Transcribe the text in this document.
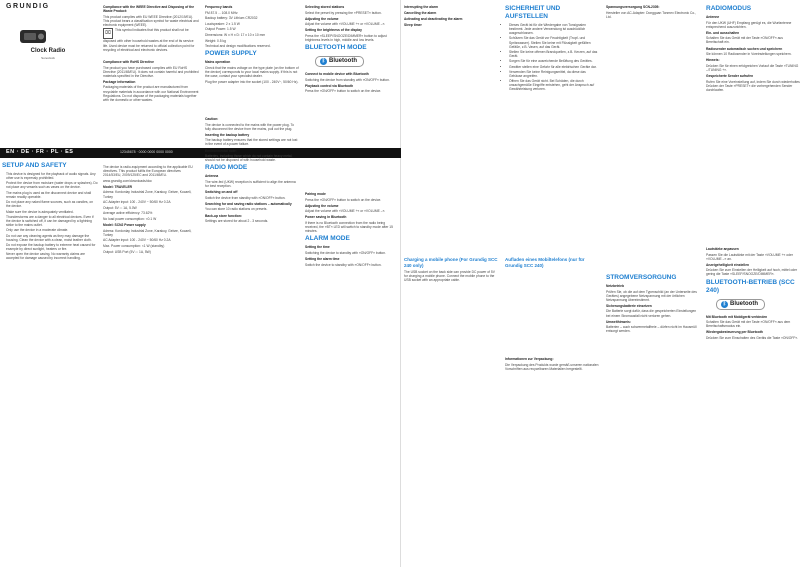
GRUNDIG
Clock Radio
Sonoclock
EN · DE · FR · PL · ES	12345678 · 0000 0000 0000 0000

Compliance with the WEEE Directive and Disposing of the Waste Product:

This product complies with EU WEEE Directive (2012/19/EU). This product bears a classification symbol for waste electrical and electronic equipment (WEEE).

⌧ This symbol indicates that this product shall not be disposed with other household wastes at the end of its service life. Used device must be returned to official collection point for recycling of electrical and electronic devices.

Frequency bands

FM 87.5 ... 108.0 MHz

Backup battery: 3V Lithium CR2032

Loudspeaker: 2 x 1.5 W

Output Power: 1.5 W

Dimensions: W x H x D: 17 x 10 x 10 mm

Weight: 0.5 kg

Technical and design modifications reserved.

POWER SUPPLY

Mains operation

Check that the mains voltage on the type plate (on the bottom of the device) corresponds to your local mains supply. If this is not the case, contact your specialist dealer.

Plug the power adapter into the socket (100 - 240V~, 50/60 Hz).

Selecting stored stations

Select the preset by pressing the »PRESET« button.

Adjusting the volume

Adjust the volume with »VOLUME +« or »VOLUME –«.

Setting the brightness of the display

Press the »SLEEP/SNOOZE/DIMMER« button to adjust brightness levels in high, middle and low levels.

BLUETOOTH MODE
ᛒ Bluetooth

Connect to mobile device with Bluetooth

Switching the device from standby with »ON/OFF« button.

Playback control via Bluetooth

Press the »ON/OFF« button to switch on the device.

SETUP AND SAFETY
• This device is designed for the playback of audio signals. Any other use is expressly prohibited.
• Protect the device from moisture (water drops or splashes). Do not place any vessels such as vases on the device.
• The mains plug is used as the disconnect device and shall remain readily operable.
• Do not place any naked flame sources, such as candles, on the device.
• Make sure the device is adequately ventilated.
• Thunderstorms are a danger to all electrical devices. Even if the device is switched off, it can be damaged by a lightning strike to the mains outlet.
• Only use the device in a moderate climate.
• Do not use any cleaning agents as they may damage the housing. Clean the device with a clean, moist leather cloth.
• Do not expose the backup battery to extreme heat caused for example by direct sunlight, heaters or fire.
• Never open the device casing. No warranty claims are accepted for damage caused by incorrect handling.

Compliance with RoHS Directive

The product you have purchased complies with EU RoHS Directive (2011/65/EU). It does not contain harmful and prohibited materials specified in the Directive.

Package information

Packaging materials of the product are manufactured from recyclable materials in accordance with our National Environment Regulations. Do not dispose of the packaging materials together with the domestic or other wastes.

The device is radio-equipment according to the applicable EU directives. This product fulfils the European directives 2014/53/EU, 2009/125/EC and 2011/65/EU.

www.grundig.com/downloads/doc

Model: TRAVELER

Adress: Kordonlay Industrial Zone, Karakoy, Gebze, Kocaeli, Turkey

AC Adapter input: 100 - 240V ~ 50/60 Hz 0.2A

Output: 5V ⎓ 1A, 5.0W

Average active efficiency: 73.62%

No load power consumption: <0.1 W

Model: SCN2 Power supply

Adress: Kordonlay Industrial Zone, Karakoy, Gebze, Kocaeli, Turkey

AC Adapter input: 100 - 240V ~ 50/60 Hz 0.2A

Max. Power consumption: <1 W (standby)

Output: USB Port (5V ⎓ 1A, 5W)

Caution:

The device is connected to the mains with the power plug. To fully disconnect the device from the mains, pull out the plug.

Inserting the backup battery

The backup battery ensures that the stored settings are not lost in the event of a power failure.

Environmental note:

Batteries, including those which do not contain heavy metal, should not be disposed of with household waste.

RADIO MODE

Antenna

The wire-fed (UKW) reception is sufficient to align the antenna for best reception.

Switching on and off

Switch the device from standby with »ON/OFF« button.

Searching for and saving radio stations – automatically

You can store 10 radio stations on presets.

Back-up store function:

Settings are stored for about 2 - 3 seconds.

Pairing mode

Press the »ON/OFF« button to switch on the device.

Adjusting the volume

Adjust the volume with »VOLUME +« or »VOLUME –«.

Power saving in Bluetooth

If there is no Bluetooth connection from the radio being received, the »BT« LED will switch to standby mode after 15 minutes.

ALARM MODE

Setting the time

Switching the device to standby with »ON/OFF« button.

Setting the alarm time

Switch the device to standby with »ON/OFF« button.

Interrupting the alarm

Cancelling the alarm

Activating and deactivating the alarm

Sleep timer

Charging a mobile phone (For Grundig SCC 240 only)

The USB socket on the back side can provide DC power of 5V for charging a mobile phone. Connect the mobile phone to the USB socket with an appropriate cable.

SICHERHEIT UND AUFSTELLEN
• Dieses Gerät ist für die Wiedergabe von Tonsignalen bestimmt. Jede andere Verwendung ist ausdrücklich ausgeschlossen.
• Schützen Sie das Gerät vor Feuchtigkeit (Tropf- und Spritzwasser). Stellen Sie keine mit Flüssigkeit gefüllten Gefäße, z.B. Vasen, auf das Gerät.
• Stellen Sie keine offenen Brandquellen, z.B. Kerzen, auf das Gerät.
• Sorgen Sie für eine ausreichende Belüftung des Gerätes.
• Gewitter stellen eine Gefahr für alle elektrischen Geräte dar.
• Verwenden Sie keine Reinigungsmittel, da diese das Gehäuse angreifen.
• Öffnen Sie das Gerät nicht. Bei Schäden, die durch unsachgemäße Eingriffe entstehen, geht der Anspruch auf Gewährleistung verloren.

Aufladen eines Mobiltelefons (nur für Grundig SCC 240)

Informationen zur Verpackung:

Die Verpackung des Produkts wurde gemäß unseren nationalen Vorschriften aus recycelbaren Materialien hergestellt.

Spannungsversorgung SCN-2305:

Hersteller von AC-Adapter: Dongguan Tonmex Electronic Co., Ltd.

STROMVERSORGUNG

Netzbetrieb

Prüfen Sie, ob die auf dem Typenschild (an der Unterseite des Gerätes) angegebene Netzspannung mit der örtlichen Netzspannung übereinstimmt.

Sicherungsbatterie einsetzen

Die Batterie sorgt dafür, dass die gespeicherten Einstellungen bei einem Stromausfall nicht verloren gehen.

Umwelthinweis:

Batterien – auch schwermetallfreie – dürfen nicht im Hausmüll entsorgt werden.

RADIOMODUS

Antenne

Für den UKW (UHF) Empfang genügt es, die Wurfantenne entsprechend auszurichten.

Ein- und ausschalten

Schalten Sie das Gerät mit der Taste »ON/OFF« aus Bereitschaft ein.

Radiosender automatisch suchen und speichern

Sie können 10 Radiosender in Voreinstellungen speichern.

Hinweis:

Drücken Sie für einen erfolgreichen Vorlauf die Taste »TUNING –/TUNING +«.

Gespeicherte Sender aufrufen

Rufen Sie eine Voreinstellung auf, indem Sie durch wiederholtes Drücken der Taste »PRESET« die vorhergehenden Sender durchlaufen.

Lautstärke anpassen

Passen Sie die Lautstärke mit der Taste »VOLUME +« oder »VOLUME –« an.

Anzeigehelligkeit einstellen

Drücken Sie zum Einstellen der Helligkeit auf hoch, mittel oder gering die Taste »SLEEP/SNOOZE/DIMMER«.

BLUETOOTH-BETRIEB (SCC 240)
ᛒ Bluetooth

Mit Bluetooth mit Mobilgerät verbinden

Schalten Sie das Gerät mit der Taste »ON/OFF« aus dem Bereitschaftsmodus ein.

Wiedergabesteuerung per Bluetooth

Drücken Sie zum Einschalten des Geräts die Taste »ON/OFF«.
